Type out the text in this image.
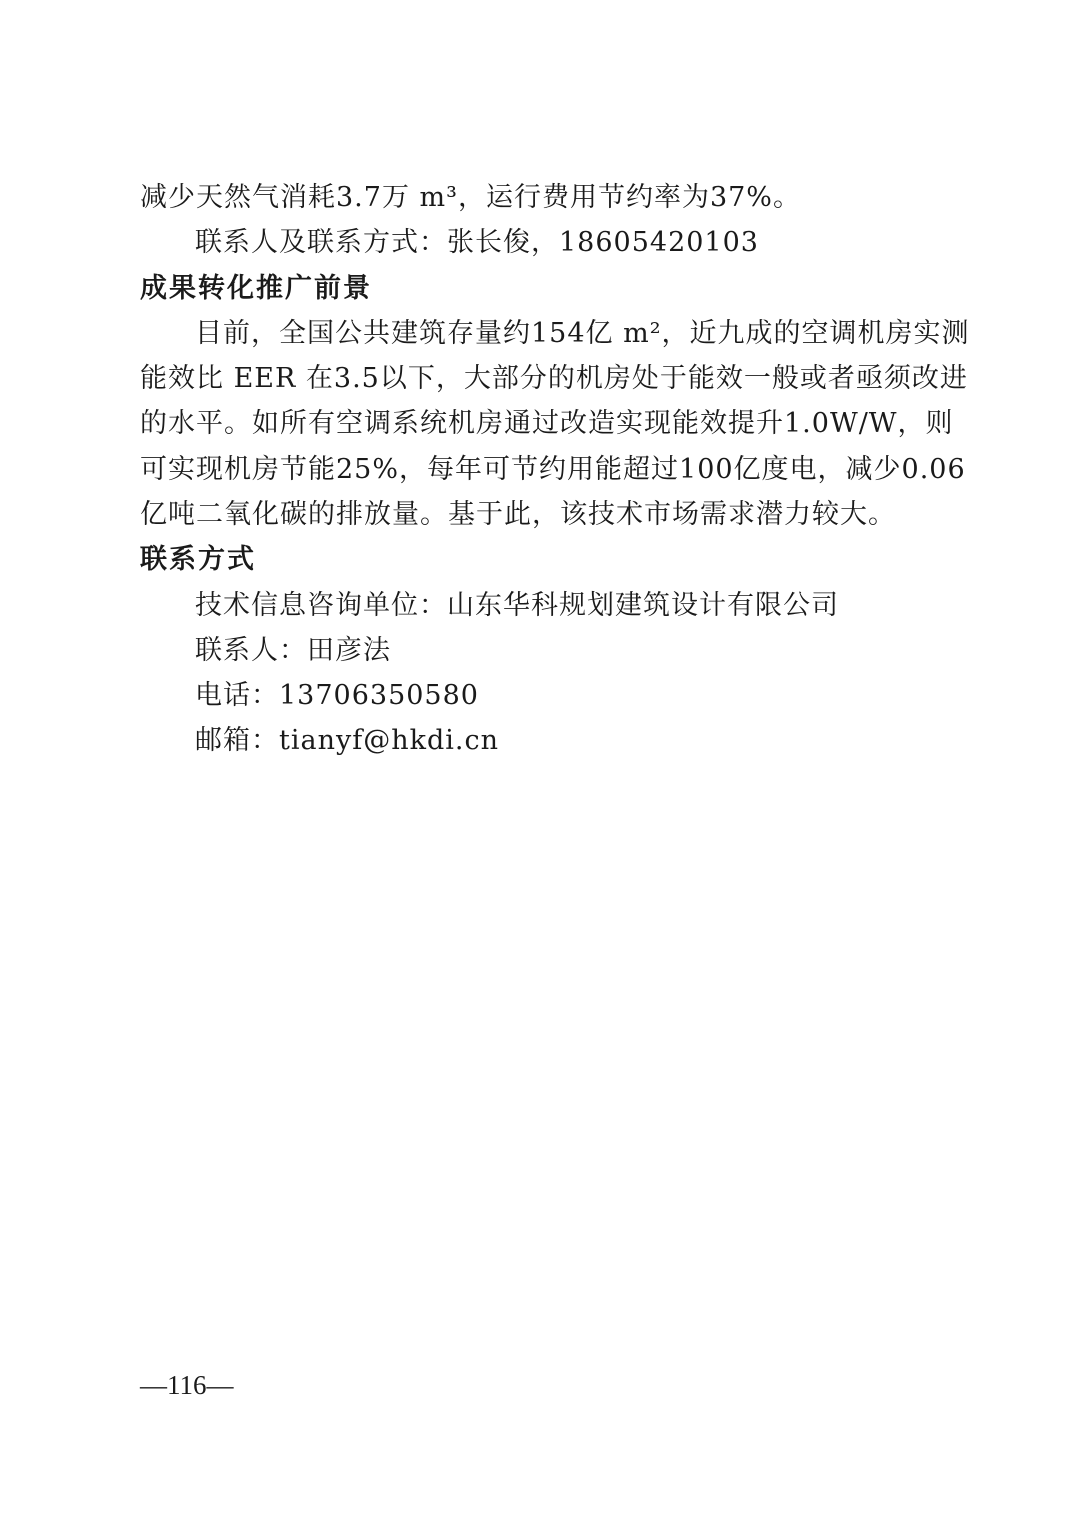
减少天然气消耗3.7万 m³，运行费用节约率为37%。
联系人及联系方式：张长俊，18605420103
成果转化推广前景
目前，全国公共建筑存量约154亿 m²，近九成的空调机房实测
能效比 EER 在3.5以下，大部分的机房处于能效一般或者亟须改进
的水平。如所有空调系统机房通过改造实现能效提升1.0W/W，则
可实现机房节能25%，每年可节约用能超过100亿度电，减少0.06
亿吨二氧化碳的排放量。基于此，该技术市场需求潜力较大。
联系方式
技术信息咨询单位：山东华科规划建筑设计有限公司
联系人：田彦法
电话：13706350580
邮箱：tianyf@hkdi.cn
—116—
